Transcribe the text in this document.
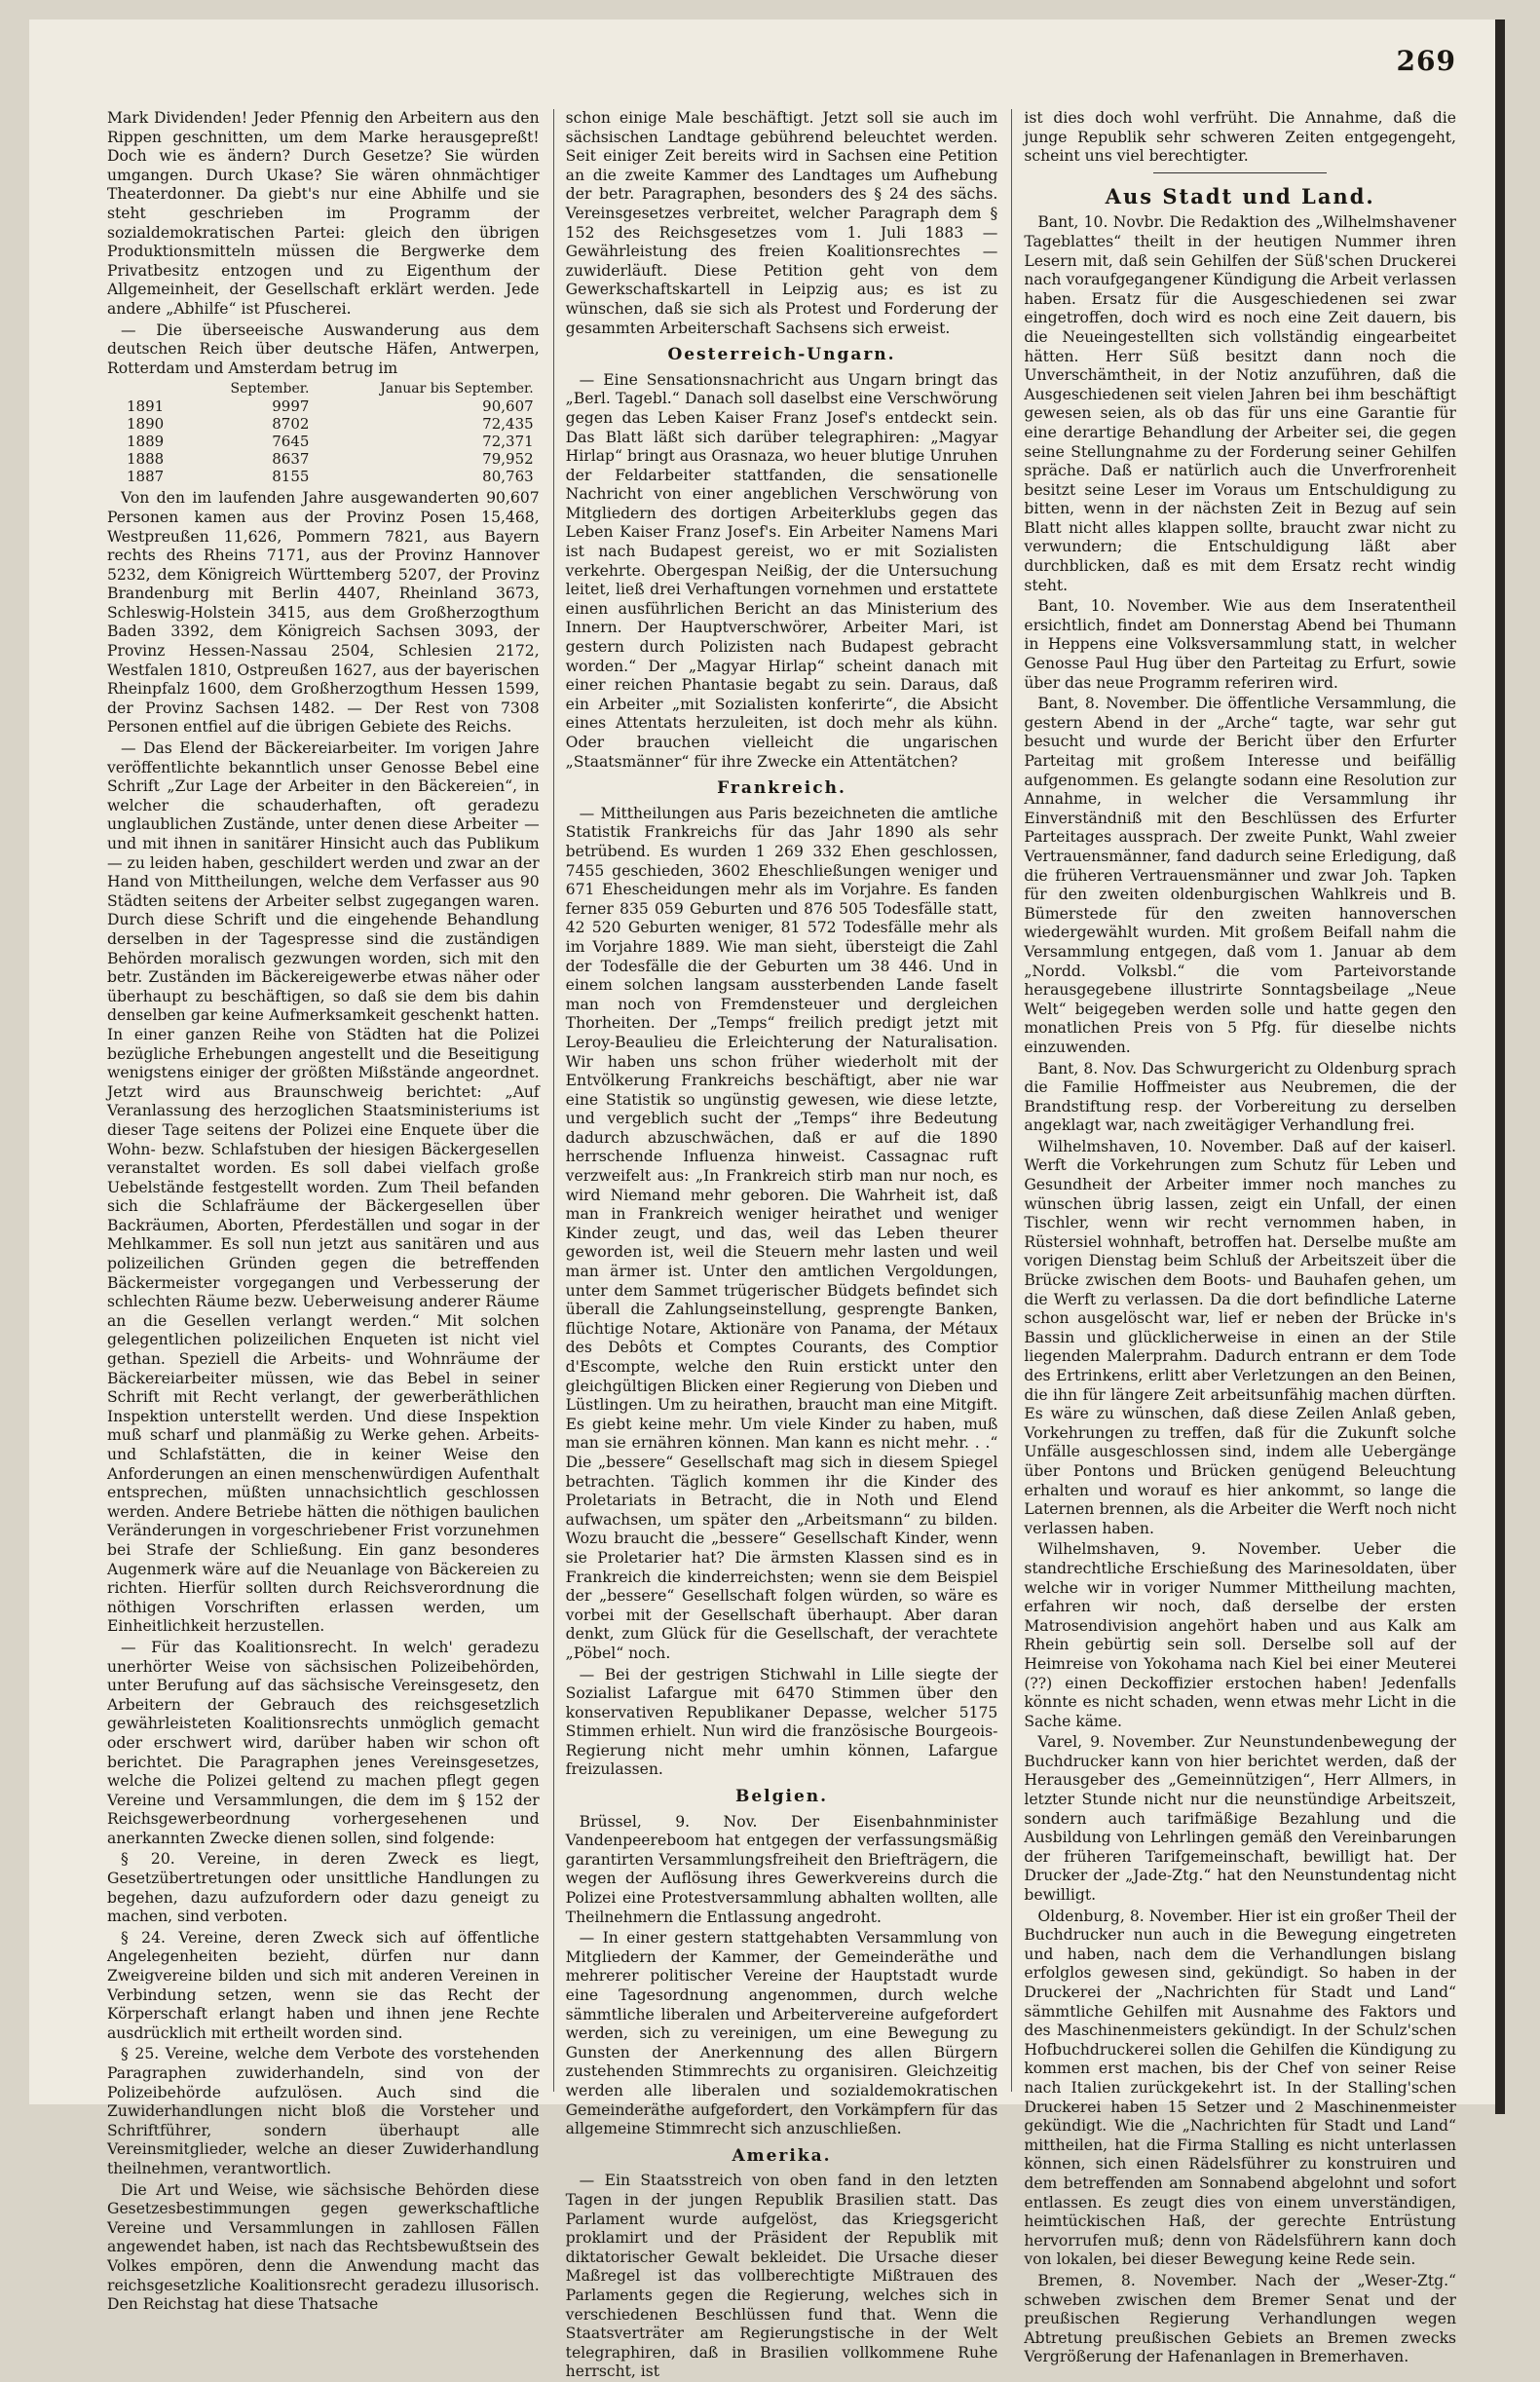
269

Mark Dividenden! Jeder Pfennig den Arbeitern aus den Rippen geschnitten, um dem Marke herausgepreßt! Doch wie es ändern? Durch Gesetze? Sie würden umgangen. Durch Ukase? Sie wären ohnmächtiger Theaterdonner. Da giebt's nur eine Abhilfe und sie steht geschrieben im Programm der sozialdemokratischen Partei: gleich den übrigen Produktionsmitteln müssen die Bergwerke dem Privatbesitz entzogen und zu Eigenthum der Allgemeinheit, der Gesellschaft erklärt werden. Jede andere „Abhilfe“ ist Pfuscherei.

— Die überseeische Auswanderung aus dem deutschen Reich über deutsche Häfen, Antwerpen, Rotterdam und Amsterdam betrug im

	September.	Januar bis September.
1891	9997	90,607
1890	8702	72,435
1889	7645	72,371
1888	8637	79,952
1887	8155	80,763

Von den im laufenden Jahre ausgewanderten 90,607 Personen kamen aus der Provinz Posen 15,468, Westpreußen 11,626, Pommern 7821, aus Bayern rechts des Rheins 7171, aus der Provinz Hannover 5232, dem Königreich Württemberg 5207, der Provinz Brandenburg mit Berlin 4407, Rheinland 3673, Schleswig-Holstein 3415, aus dem Großherzogthum Baden 3392, dem Königreich Sachsen 3093, der Provinz Hessen-Nassau 2504, Schlesien 2172, Westfalen 1810, Ostpreußen 1627, aus der bayerischen Rheinpfalz 1600, dem Großherzogthum Hessen 1599, der Provinz Sachsen 1482. — Der Rest von 7308 Personen entfiel auf die übrigen Gebiete des Reichs.

— Das Elend der Bäckereiarbeiter. Im vorigen Jahre veröffentlichte bekanntlich unser Genosse Bebel eine Schrift „Zur Lage der Arbeiter in den Bäckereien“, in welcher die schauderhaften, oft geradezu unglaublichen Zustände, unter denen diese Arbeiter — und mit ihnen in sanitärer Hinsicht auch das Publikum — zu leiden haben, geschildert werden und zwar an der Hand von Mittheilungen, welche dem Verfasser aus 90 Städten seitens der Arbeiter selbst zugegangen waren. Durch diese Schrift und die eingehende Behandlung derselben in der Tagespresse sind die zuständigen Behörden moralisch gezwungen worden, sich mit den betr. Zuständen im Bäckereigewerbe etwas näher oder überhaupt zu beschäftigen, so daß sie dem bis dahin denselben gar keine Aufmerksamkeit geschenkt hatten. In einer ganzen Reihe von Städten hat die Polizei bezügliche Erhebungen angestellt und die Beseitigung wenigstens einiger der größten Mißstände angeordnet. Jetzt wird aus Braunschweig berichtet: „Auf Veranlassung des herzoglichen Staatsministeriums ist dieser Tage seitens der Polizei eine Enquete über die Wohn- bezw. Schlafstuben der hiesigen Bäckergesellen veranstaltet worden. Es soll dabei vielfach große Uebelstände festgestellt worden. Zum Theil befanden sich die Schlafräume der Bäckergesellen über Backräumen, Aborten, Pferdeställen und sogar in der Mehlkammer. Es soll nun jetzt aus sanitären und aus polizeilichen Gründen gegen die betreffenden Bäckermeister vorgegangen und Verbesserung der schlechten Räume bezw. Ueberweisung anderer Räume an die Gesellen verlangt werden.“ Mit solchen gelegentlichen polizeilichen Enqueten ist nicht viel gethan. Speziell die Arbeits- und Wohnräume der Bäckereiarbeiter müssen, wie das Bebel in seiner Schrift mit Recht verlangt, der gewerberäthlichen Inspektion unterstellt werden. Und diese Inspektion muß scharf und planmäßig zu Werke gehen. Arbeits- und Schlafstätten, die in keiner Weise den Anforderungen an einen menschenwürdigen Aufenthalt entsprechen, müßten unnachsichtlich geschlossen werden. Andere Betriebe hätten die nöthigen baulichen Veränderungen in vorgeschriebener Frist vorzunehmen bei Strafe der Schließung. Ein ganz besonderes Augenmerk wäre auf die Neuanlage von Bäckereien zu richten. Hierfür sollten durch Reichsverordnung die nöthigen Vorschriften erlassen werden, um Einheitlichkeit herzustellen.

— Für das Koalitionsrecht. In welch' geradezu unerhörter Weise von sächsischen Polizeibehörden, unter Berufung auf das sächsische Vereinsgesetz, den Arbeitern der Gebrauch des reichsgesetzlich gewährleisteten Koalitionsrechts unmöglich gemacht oder erschwert wird, darüber haben wir schon oft berichtet. Die Paragraphen jenes Vereinsgesetzes, welche die Polizei geltend zu machen pflegt gegen Vereine und Versammlungen, die dem im § 152 der Reichsgewerbeordnung vorhergesehenen und anerkannten Zwecke dienen sollen, sind folgende:

§ 20. Vereine, in deren Zweck es liegt, Gesetzübertretungen oder unsittliche Handlungen zu begehen, dazu aufzufordern oder dazu geneigt zu machen, sind verboten.

§ 24. Vereine, deren Zweck sich auf öffentliche Angelegenheiten bezieht, dürfen nur dann Zweigvereine bilden und sich mit anderen Vereinen in Verbindung setzen, wenn sie das Recht der Körperschaft erlangt haben und ihnen jene Rechte ausdrücklich mit ertheilt worden sind.

§ 25. Vereine, welche dem Verbote des vorstehenden Paragraphen zuwiderhandeln, sind von der Polizeibehörde aufzulösen. Auch sind die Zuwiderhandlungen nicht bloß die Vorsteher und Schriftführer, sondern überhaupt alle Vereinsmitglieder, welche an dieser Zuwiderhandlung theilnehmen, verantwortlich.

Die Art und Weise, wie sächsische Behörden diese Gesetzesbestimmungen gegen gewerkschaftliche Vereine und Versammlungen in zahllosen Fällen angewendet haben, ist nach das Rechtsbewußtsein des Volkes empören, denn die Anwendung macht das reichsgesetzliche Koalitionsrecht geradezu illusorisch. Den Reichstag hat diese Thatsache

schon einige Male beschäftigt. Jetzt soll sie auch im sächsischen Landtage gebührend beleuchtet werden. Seit einiger Zeit bereits wird in Sachsen eine Petition an die zweite Kammer des Landtages um Aufhebung der betr. Paragraphen, besonders des § 24 des sächs. Vereinsgesetzes verbreitet, welcher Paragraph dem § 152 des Reichsgesetzes vom 1. Juli 1883 — Gewährleistung des freien Koalitionsrechtes — zuwiderläuft. Diese Petition geht von dem Gewerkschaftskartell in Leipzig aus; es ist zu wünschen, daß sie sich als Protest und Forderung der gesammten Arbeiterschaft Sachsens sich erweist.

Oesterreich-Ungarn.

— Eine Sensationsnachricht aus Ungarn bringt das „Berl. Tagebl.“ Danach soll daselbst eine Verschwörung gegen das Leben Kaiser Franz Josef's entdeckt sein. Das Blatt läßt sich darüber telegraphiren: „Magyar Hirlap“ bringt aus Orasnaza, wo heuer blutige Unruhen der Feldarbeiter stattfanden, die sensationelle Nachricht von einer angeblichen Verschwörung von Mitgliedern des dortigen Arbeiterklubs gegen das Leben Kaiser Franz Josef's. Ein Arbeiter Namens Mari ist nach Budapest gereist, wo er mit Sozialisten verkehrte. Obergespan Neißig, der die Untersuchung leitet, ließ drei Verhaftungen vornehmen und erstattete einen ausführlichen Bericht an das Ministerium des Innern. Der Hauptverschwörer, Arbeiter Mari, ist gestern durch Polizisten nach Budapest gebracht worden.“ Der „Magyar Hirlap“ scheint danach mit einer reichen Phantasie begabt zu sein. Daraus, daß ein Arbeiter „mit Sozialisten konferirte“, die Absicht eines Attentats herzuleiten, ist doch mehr als kühn. Oder brauchen vielleicht die ungarischen „Staatsmänner“ für ihre Zwecke ein Attentätchen?

Frankreich.

— Mittheilungen aus Paris bezeichneten die amtliche Statistik Frankreichs für das Jahr 1890 als sehr betrübend. Es wurden 1 269 332 Ehen geschlossen, 7455 geschieden, 3602 Eheschließungen weniger und 671 Ehescheidungen mehr als im Vorjahre. Es fanden ferner 835 059 Geburten und 876 505 Todesfälle statt, 42 520 Geburten weniger, 81 572 Todesfälle mehr als im Vorjahre 1889. Wie man sieht, übersteigt die Zahl der Todesfälle die der Geburten um 38 446. Und in einem solchen langsam aussterbenden Lande faselt man noch von Fremdensteuer und dergleichen Thorheiten. Der „Temps“ freilich predigt jetzt mit Leroy-Beaulieu die Erleichterung der Naturalisation. Wir haben uns schon früher wiederholt mit der Entvölkerung Frankreichs beschäftigt, aber nie war eine Statistik so ungünstig gewesen, wie diese letzte, und vergeblich sucht der „Temps“ ihre Bedeutung dadurch abzuschwächen, daß er auf die 1890 herrschende Influenza hinweist. Cassagnac ruft verzweifelt aus: „In Frankreich stirb man nur noch, es wird Niemand mehr geboren. Die Wahrheit ist, daß man in Frankreich weniger heirathet und weniger Kinder zeugt, und das, weil das Leben theurer geworden ist, weil die Steuern mehr lasten und weil man ärmer ist. Unter den amtlichen Vergoldungen, unter dem Sammet trügerischer Büdgets befindet sich überall die Zahlungseinstellung, gesprengte Banken, flüchtige Notare, Aktionäre von Panama, der Métaux des Debôts et Comptes Courants, des Comptior d'Escompte, welche den Ruin erstickt unter den gleichgültigen Blicken einer Regierung von Dieben und Lüstlingen. Um zu heirathen, braucht man eine Mitgift. Es giebt keine mehr. Um viele Kinder zu haben, muß man sie ernähren können. Man kann es nicht mehr. . .“ Die „bessere“ Gesellschaft mag sich in diesem Spiegel betrachten. Täglich kommen ihr die Kinder des Proletariats in Betracht, die in Noth und Elend aufwachsen, um später den „Arbeitsmann“ zu bilden. Wozu braucht die „bessere“ Gesellschaft Kinder, wenn sie Proletarier hat? Die ärmsten Klassen sind es in Frankreich die kinderreichsten; wenn sie dem Beispiel der „bessere“ Gesellschaft folgen würden, so wäre es vorbei mit der Gesellschaft überhaupt. Aber daran denkt, zum Glück für die Gesellschaft, der verachtete „Pöbel“ noch.

— Bei der gestrigen Stichwahl in Lille siegte der Sozialist Lafargue mit 6470 Stimmen über den konservativen Republikaner Depasse, welcher 5175 Stimmen erhielt. Nun wird die französische Bourgeois-Regierung nicht mehr umhin können, Lafargue freizulassen.

Belgien.

Brüssel, 9. Nov. Der Eisenbahnminister Vandenpeereboom hat entgegen der verfassungsmäßig garantirten Versammlungsfreiheit den Briefträgern, die wegen der Auflösung ihres Gewerkvereins durch die Polizei eine Protestversammlung abhalten wollten, alle Theilnehmern die Entlassung angedroht.

— In einer gestern stattgehabten Versammlung von Mitgliedern der Kammer, der Gemeinderäthe und mehrerer politischer Vereine der Hauptstadt wurde eine Tagesordnung angenommen, durch welche sämmtliche liberalen und Arbeitervereine aufgefordert werden, sich zu vereinigen, um eine Bewegung zu Gunsten der Anerkennung des allen Bürgern zustehenden Stimmrechts zu organisiren. Gleichzeitig werden alle liberalen und sozialdemokratischen Gemeinderäthe aufgefordert, den Vorkämpfern für das allgemeine Stimmrecht sich anzuschließen.

Amerika.

— Ein Staatsstreich von oben fand in den letzten Tagen in der jungen Republik Brasilien statt. Das Parlament wurde aufgelöst, das Kriegsgericht proklamirt und der Präsident der Republik mit diktatorischer Gewalt bekleidet. Die Ursache dieser Maßregel ist das vollberechtigte Mißtrauen des Parlaments gegen die Regierung, welches sich in verschiedenen Beschlüssen fund that. Wenn die Staatsverträter am Regierungstische in der Welt telegraphiren, daß in Brasilien vollkommene Ruhe herrscht, ist

ist dies doch wohl verfrüht. Die Annahme, daß die junge Republik sehr schweren Zeiten entgegengeht, scheint uns viel berechtigter.

Aus Stadt und Land.

Bant, 10. Novbr. Die Redaktion des „Wilhelmshavener Tageblattes“ theilt in der heutigen Nummer ihren Lesern mit, daß sein Gehilfen der Süß'schen Druckerei nach voraufgegangener Kündigung die Arbeit verlassen haben. Ersatz für die Ausgeschiedenen sei zwar eingetroffen, doch wird es noch eine Zeit dauern, bis die Neueingestellten sich vollständig eingearbeitet hätten. Herr Süß besitzt dann noch die Unverschämtheit, in der Notiz anzuführen, daß die Ausgeschiedenen seit vielen Jahren bei ihm beschäftigt gewesen seien, als ob das für uns eine Garantie für eine derartige Behandlung der Arbeiter sei, die gegen seine Stellungnahme zu der Forderung seiner Gehilfen spräche. Daß er natürlich auch die Unverfrorenheit besitzt seine Leser im Voraus um Entschuldigung zu bitten, wenn in der nächsten Zeit in Bezug auf sein Blatt nicht alles klappen sollte, braucht zwar nicht zu verwundern; die Entschuldigung läßt aber durchblicken, daß es mit dem Ersatz recht windig steht.

Bant, 10. November. Wie aus dem Inseratentheil ersichtlich, findet am Donnerstag Abend bei Thumann in Heppens eine Volksversammlung statt, in welcher Genosse Paul Hug über den Parteitag zu Erfurt, sowie über das neue Programm referiren wird.

Bant, 8. November. Die öffentliche Versammlung, die gestern Abend in der „Arche“ tagte, war sehr gut besucht und wurde der Bericht über den Erfurter Parteitag mit großem Interesse und beifällig aufgenommen. Es gelangte sodann eine Resolution zur Annahme, in welcher die Versammlung ihr Einverständniß mit den Beschlüssen des Erfurter Parteitages aussprach. Der zweite Punkt, Wahl zweier Vertrauensmänner, fand dadurch seine Erledigung, daß die früheren Vertrauensmänner und zwar Joh. Tapken für den zweiten oldenburgischen Wahlkreis und B. Bümerstede für den zweiten hannoverschen wiedergewählt wurden. Mit großem Beifall nahm die Versammlung entgegen, daß vom 1. Januar ab dem „Nordd. Volksbl.“ die vom Parteivorstande herausgegebene illustrirte Sonntagsbeilage „Neue Welt“ beigegeben werden solle und hatte gegen den monatlichen Preis von 5 Pfg. für dieselbe nichts einzuwenden.

Bant, 8. Nov. Das Schwurgericht zu Oldenburg sprach die Familie Hoffmeister aus Neubremen, die der Brandstiftung resp. der Vorbereitung zu derselben angeklagt war, nach zweitägiger Verhandlung frei.

Wilhelmshaven, 10. November. Daß auf der kaiserl. Werft die Vorkehrungen zum Schutz für Leben und Gesundheit der Arbeiter immer noch manches zu wünschen übrig lassen, zeigt ein Unfall, der einen Tischler, wenn wir recht vernommen haben, in Rüstersiel wohnhaft, betroffen hat. Derselbe mußte am vorigen Dienstag beim Schluß der Arbeitszeit über die Brücke zwischen dem Boots- und Bauhafen gehen, um die Werft zu verlassen. Da die dort befindliche Laterne schon ausgelöscht war, lief er neben der Brücke in's Bassin und glücklicherweise in einen an der Stile liegenden Malerprahm. Dadurch entrann er dem Tode des Ertrinkens, erlitt aber Verletzungen an den Beinen, die ihn für längere Zeit arbeitsunfähig machen dürften. Es wäre zu wünschen, daß diese Zeilen Anlaß geben, Vorkehrungen zu treffen, daß für die Zukunft solche Unfälle ausgeschlossen sind, indem alle Uebergänge über Pontons und Brücken genügend Beleuchtung erhalten und worauf es hier ankommt, so lange die Laternen brennen, als die Arbeiter die Werft noch nicht verlassen haben.

Wilhelmshaven, 9. November. Ueber die standrechtliche Erschießung des Marinesoldaten, über welche wir in voriger Nummer Mittheilung machten, erfahren wir noch, daß derselbe der ersten Matrosendivision angehört haben und aus Kalk am Rhein gebürtig sein soll. Derselbe soll auf der Heimreise von Yokohama nach Kiel bei einer Meuterei (??) einen Deckoffizier erstochen haben! Jedenfalls könnte es nicht schaden, wenn etwas mehr Licht in die Sache käme.

Varel, 9. November. Zur Neunstundenbewegung der Buchdrucker kann von hier berichtet werden, daß der Herausgeber des „Gemeinnützigen“, Herr Allmers, in letzter Stunde nicht nur die neunstündige Arbeitszeit, sondern auch tarifmäßige Bezahlung und die Ausbildung von Lehrlingen gemäß den Vereinbarungen der früheren Tarifgemeinschaft, bewilligt hat. Der Drucker der „Jade-Ztg.“ hat den Neunstundentag nicht bewilligt.

Oldenburg, 8. November. Hier ist ein großer Theil der Buchdrucker nun auch in die Bewegung eingetreten und haben, nach dem die Verhandlungen bislang erfolglos gewesen sind, gekündigt. So haben in der Druckerei der „Nachrichten für Stadt und Land“ sämmtliche Gehilfen mit Ausnahme des Faktors und des Maschinenmeisters gekündigt. In der Schulz'schen Hofbuchdruckerei sollen die Gehilfen die Kündigung zu kommen erst machen, bis der Chef von seiner Reise nach Italien zurückgekehrt ist. In der Stalling'schen Druckerei haben 15 Setzer und 2 Maschinenmeister gekündigt. Wie die „Nachrichten für Stadt und Land“ mittheilen, hat die Firma Stalling es nicht unterlassen können, sich einen Rädelsführer zu konstruiren und dem betreffenden am Sonnabend abgelohnt und sofort entlassen. Es zeugt dies von einem unverständigen, heimtückischen Haß, der gerechte Entrüstung hervorrufen muß; denn von Rädelsführern kann doch von lokalen, bei dieser Bewegung keine Rede sein.

Bremen, 8. November. Nach der „Weser-Ztg.“ schweben zwischen dem Bremer Senat und der preußischen Regierung Verhandlungen wegen Abtretung preußischen Gebiets an Bremen zwecks Vergrößerung der Hafenanlagen in Bremerhaven.
